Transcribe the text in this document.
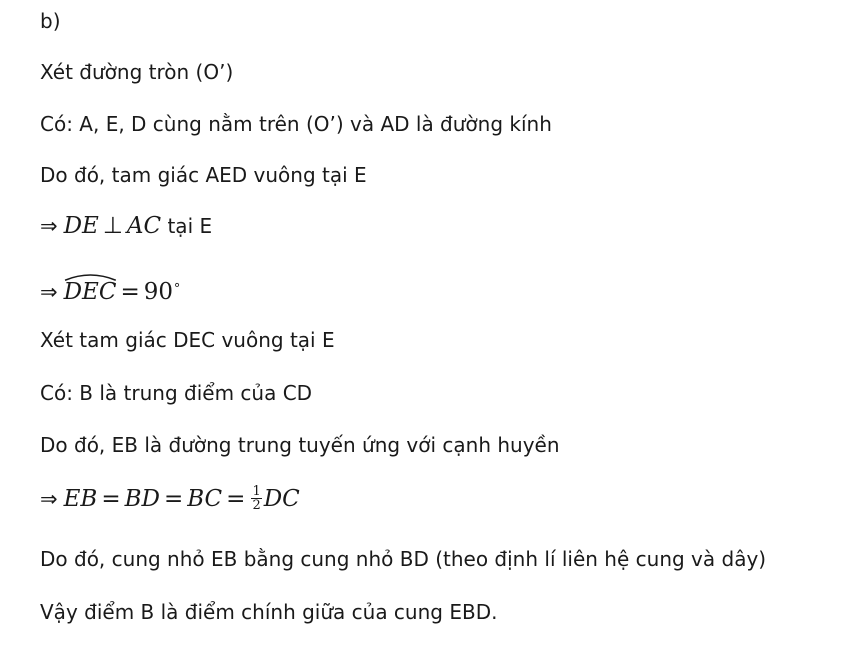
b)
Xét đường tròn (O’)
Có: A, E, D cùng nằm trên (O’) và AD là đường kính
Do đó, tam giác AED vuông tại E
⇒ DE ⊥ AC tại E
⇒ DEC = 90∘
Xét tam giác DEC vuông tại E
Có: B là trung điểm của CD
Do đó, EB là đường trung tuyến ứng với cạnh huyền
⇒ EB = BD = BC = $\frac{1}{2}$ DC
Do đó, cung nhỏ EB bằng cung nhỏ BD (theo định lí liên hệ cung và dây)
Vậy điểm B là điểm chính giữa của cung EBD.
